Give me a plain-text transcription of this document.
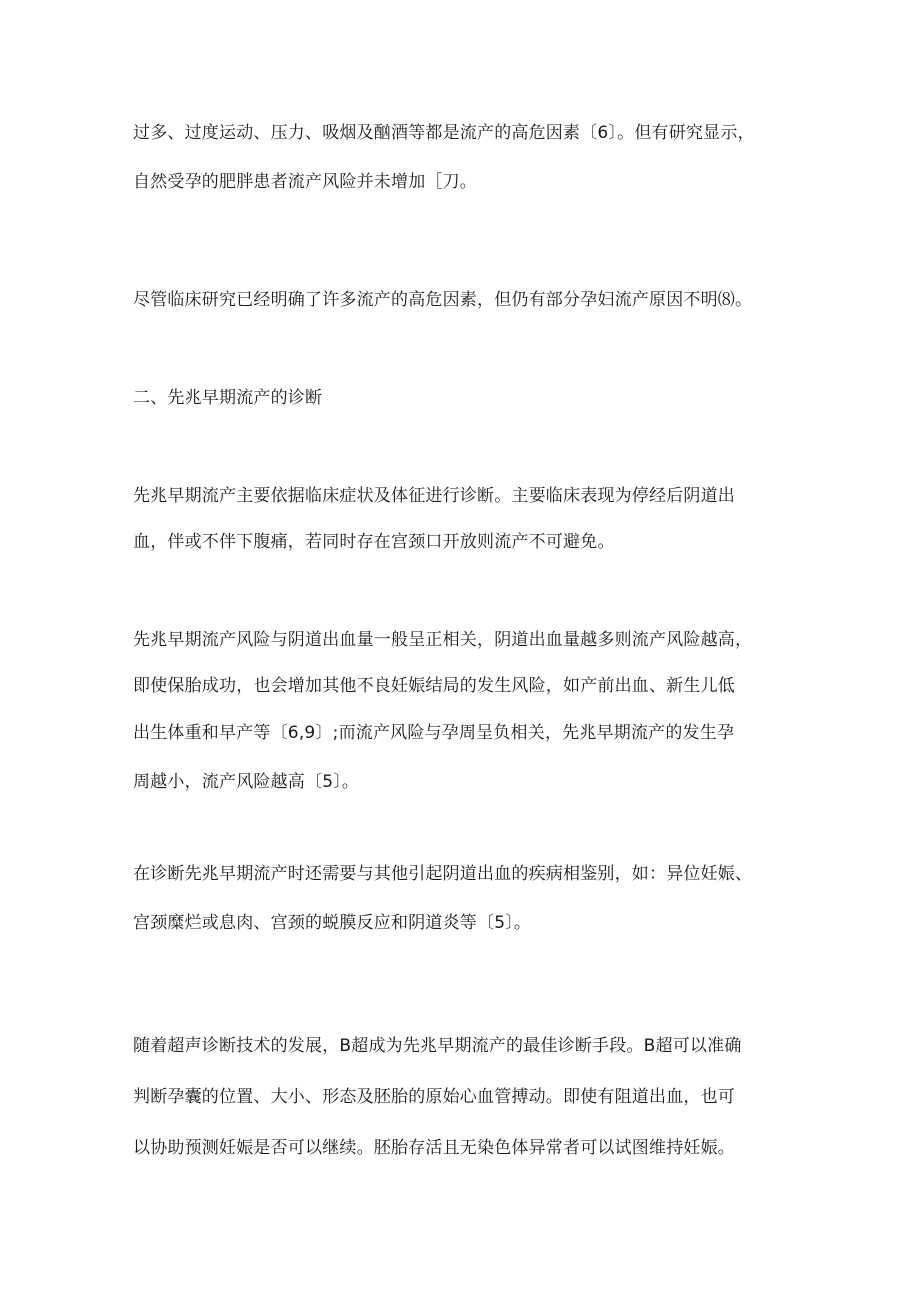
过多、过度运动、压力、吸烟及酗酒等都是流产的高危因素〔6〕。但有研究显示，
自然受孕的肥胖患者流产风险并未增加［刀。
尽管临床研究已经明确了许多流产的高危因素，但仍有部分孕妇流产原因不明⑻。
二、先兆早期流产的诊断
先兆早期流产主要依据临床症状及体征进行诊断。主要临床表现为停经后阴道出
血，伴或不伴下腹痛，若同时存在宫颈口开放则流产不可避免。
先兆早期流产风险与阴道出血量一般呈正相关，阴道出血量越多则流产风险越高，
即使保胎成功，也会增加其他不良妊娠结局的发生风险，如产前出血、新生儿低
出生体重和早产等〔6,9〕;而流产风险与孕周呈负相关，先兆早期流产的发生孕
周越小，流产风险越高〔5〕。
在诊断先兆早期流产时还需要与其他引起阴道出血的疾病相鉴别，如：异位妊娠、
宫颈糜烂或息肉、宫颈的蜕膜反应和阴道炎等〔5〕。
随着超声诊断技术的发展，B超成为先兆早期流产的最佳诊断手段。B超可以准确
判断孕囊的位置、大小、形态及胚胎的原始心血管搏动。即使有阻道出血，也可
以协助预测妊娠是否可以继续。胚胎存活且无染色体异常者可以试图维持妊娠。
